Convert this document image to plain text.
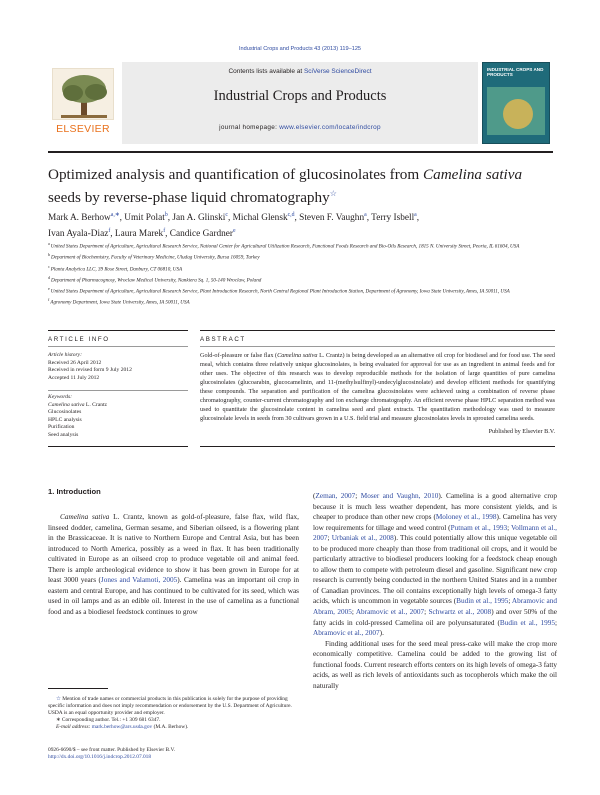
Industrial Crops and Products 43 (2013) 119–125
ELSEVIER
Contents lists available at SciVerse ScienceDirect
Industrial Crops and Products
journal homepage: www.elsevier.com/locate/indcrop
INDUSTRIAL CROPS AND PRODUCTS
Optimized analysis and quantification of glucosinolates from Camelina sativa seeds by reverse-phase liquid chromatography☆
Mark A. Berhow$^{a,∗}$, Umit Polat$^b$, Jan A. Glinski$^c$, Michal Glensk$^{c,d}$, Steven F. Vaughn$^a$, Terry Isbell$^a$,
Ivan Ayala-Diaz$^f$, Laura Marek$^f$, Candice Gardner$^e$

$^a$ United States Department of Agriculture, Agricultural Research Service, National Center for Agricultural Utilization Research, Functional Foods Research and Bio-Oils Research, 1815 N. University Street, Peoria, IL 61604, USA

$^b$ Department of Biochemistry, Faculty of Veterinary Medicine, Uludag University, Bursa 16059, Turkey

$^c$ Planta Analytica LLC, 39 Rose Street, Danbury, CT 06810, USA

$^d$ Department of Pharmacognosy, Wroclaw Medical University, Nankiera Sq. 1, 50-140 Wroclaw, Poland

$^e$ United States Department of Agriculture, Agricultural Research Service, Plant Introduction Research, North Central Regional Plant Introduction Station, Department of Agronomy, Iowa State University, Ames, IA 50011, USA

$^f$ Agronomy Department, Iowa State University, Ames, IA 50011, USA

ARTICLE INFO	ABSTRACT
Article history:
Received 26 April 2012
Received in revised form 9 July 2012
Accepted 11 July 2012
Keywords:
Camelina sativa L. Crantz
Glucosinolates
HPLC analysis
Purification
Seed analysis
Gold-of-pleasure or false flax (Camelina sativa L. Crantz) is being developed as an alternative oil crop for biodiesel and for food use. The seed meal, which contains three relatively unique glucosinolates, is being evaluated for approval for use as an ingredient in animal feeds and for other uses. The objective of this research was to develop reproducible methods for the isolation of large quantities of pure camelina glucosinolates (glucoarabin, glucocamelinin, and 11-(methylsulfinyl)-undecylglucosinolate) and develop efficient methods for quantifying these compounds. The separation and purification of the camelina glucosinolates were achieved using a combination of reverse phase chromatography, counter-current chromatography and ion exchange chromatography. An efficient reverse phase HPLC separation method was used to quantitate the glucosinolate content in camelina seed and plant extracts. The quantitation methodology was used to measure glucosinolate levels in seeds from 30 cultivars grown in a U.S. field trial and measure glucosinolates levels in sprouted camelina seeds.
Published by Elsevier B.V.
1. Introduction

Camelina sativa L. Crantz, known as gold-of-pleasure, false flax, wild flax, linseed dodder, camelina, German sesame, and Siberian oilseed, is a flowering plant in the Brassicaceae. It is native to Northern Europe and Central Asia, but has been introduced to North America, possibly as a weed in flax. It has been traditionally cultivated in Europe as an oilseed crop to produce vegetable oil and animal feed. There is ample archeological evidence to show it has been grown in Europe for at least 3000 years (Jones and Valamoti, 2005). Camelina was an important oil crop in eastern and central Europe, and has continued to be cultivated for its seed, which was used in oil lamps and as an edible oil. Interest in the use of camelina as a functional food and as a biodiesel feedstock continues to grow

(Zeman, 2007; Moser and Vaughn, 2010). Camelina is a good alternative crop because it is much less weather dependent, has more consistent yields, and is cheaper to produce than other new crops (Moloney et al., 1998). Camelina has very low requirements for tillage and weed control (Putnam et al., 1993; Vollmann et al., 2007; Urbaniak et al., 2008). This could potentially allow this unique vegetable oil to be produced more cheaply than those from traditional oil crops, and it would be particularly attractive to biodiesel producers looking for a feedstock cheap enough to allow them to compete with petroleum diesel and gasoline. Significant new crop research is currently being conducted in the northern United States and in a number of Canadian provinces. The oil contains exceptionally high levels of omega-3 fatty acids, which is uncommon in vegetable sources (Budin et al., 1995; Abramovic and Abram, 2005; Abramovic et al., 2007; Schwartz et al., 2008) and over 50% of the fatty acids in cold-pressed Camelina oil are polyunsaturated (Budin et al., 1995; Abramovic et al., 2007).

Finding additional uses for the seed meal press-cake will make the crop more economically competitive. Camelina could be added to the growing list of functional foods. Current research efforts centers on its high levels of omega-3 fatty acids, as well as rich levels of antioxidants such as tocopherols which make the oil naturally

☆ Mention of trade names or commercial products in this publication is solely for the purpose of providing specific information and does not imply recommendation or endorsement by the U.S. Department of Agriculture. USDA is an equal opportunity provider and employer.

∗ Corresponding author. Tel.: +1 309 681 6347.

E-mail address: mark.berhow@ars.usda.gov (M.A. Berhow).

0926-6690/$ – see front matter. Published by Elsevier B.V.
http://dx.doi.org/10.1016/j.indcrop.2012.07.018
